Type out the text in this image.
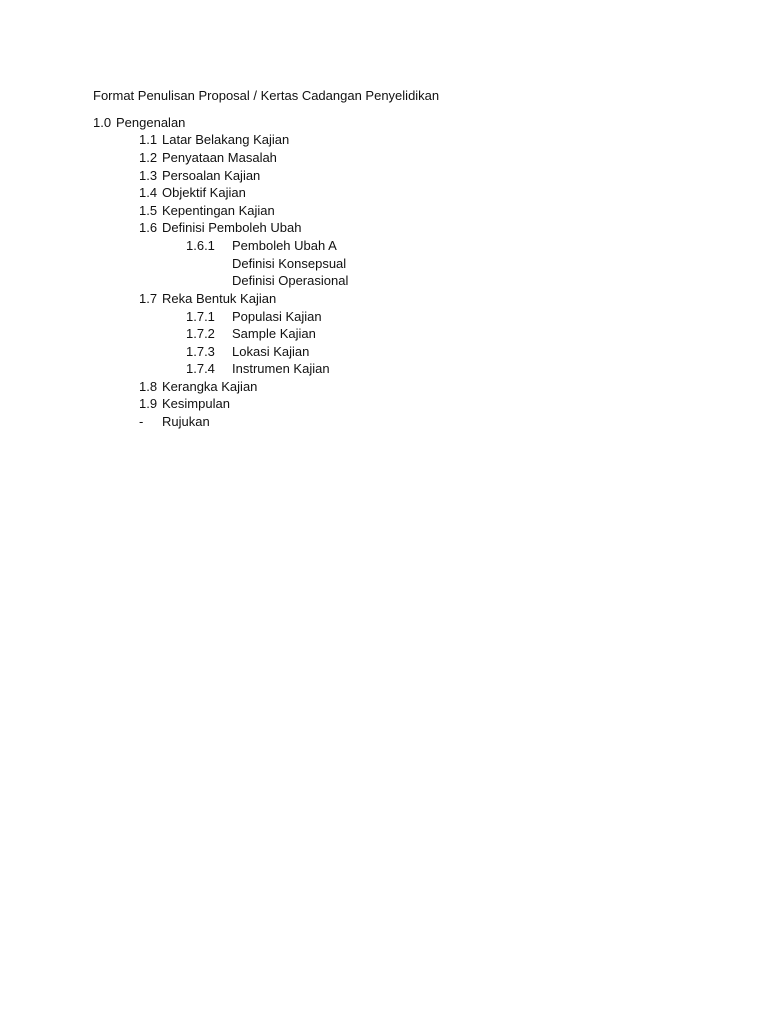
Format Penulisan Proposal / Kertas Cadangan Penyelidikan
1.0 Pengenalan
1.1 Latar Belakang Kajian
1.2 Penyataan Masalah
1.3 Persoalan Kajian
1.4 Objektif Kajian
1.5 Kepentingan Kajian
1.6 Definisi Pemboleh Ubah
1.6.1 Pemboleh Ubah A
Definisi Konsepsual
Definisi Operasional
1.7 Reka Bentuk Kajian
1.7.1 Populasi Kajian
1.7.2 Sample Kajian
1.7.3 Lokasi Kajian
1.7.4 Instrumen Kajian
1.8 Kerangka Kajian
1.9 Kesimpulan
- Rujukan
